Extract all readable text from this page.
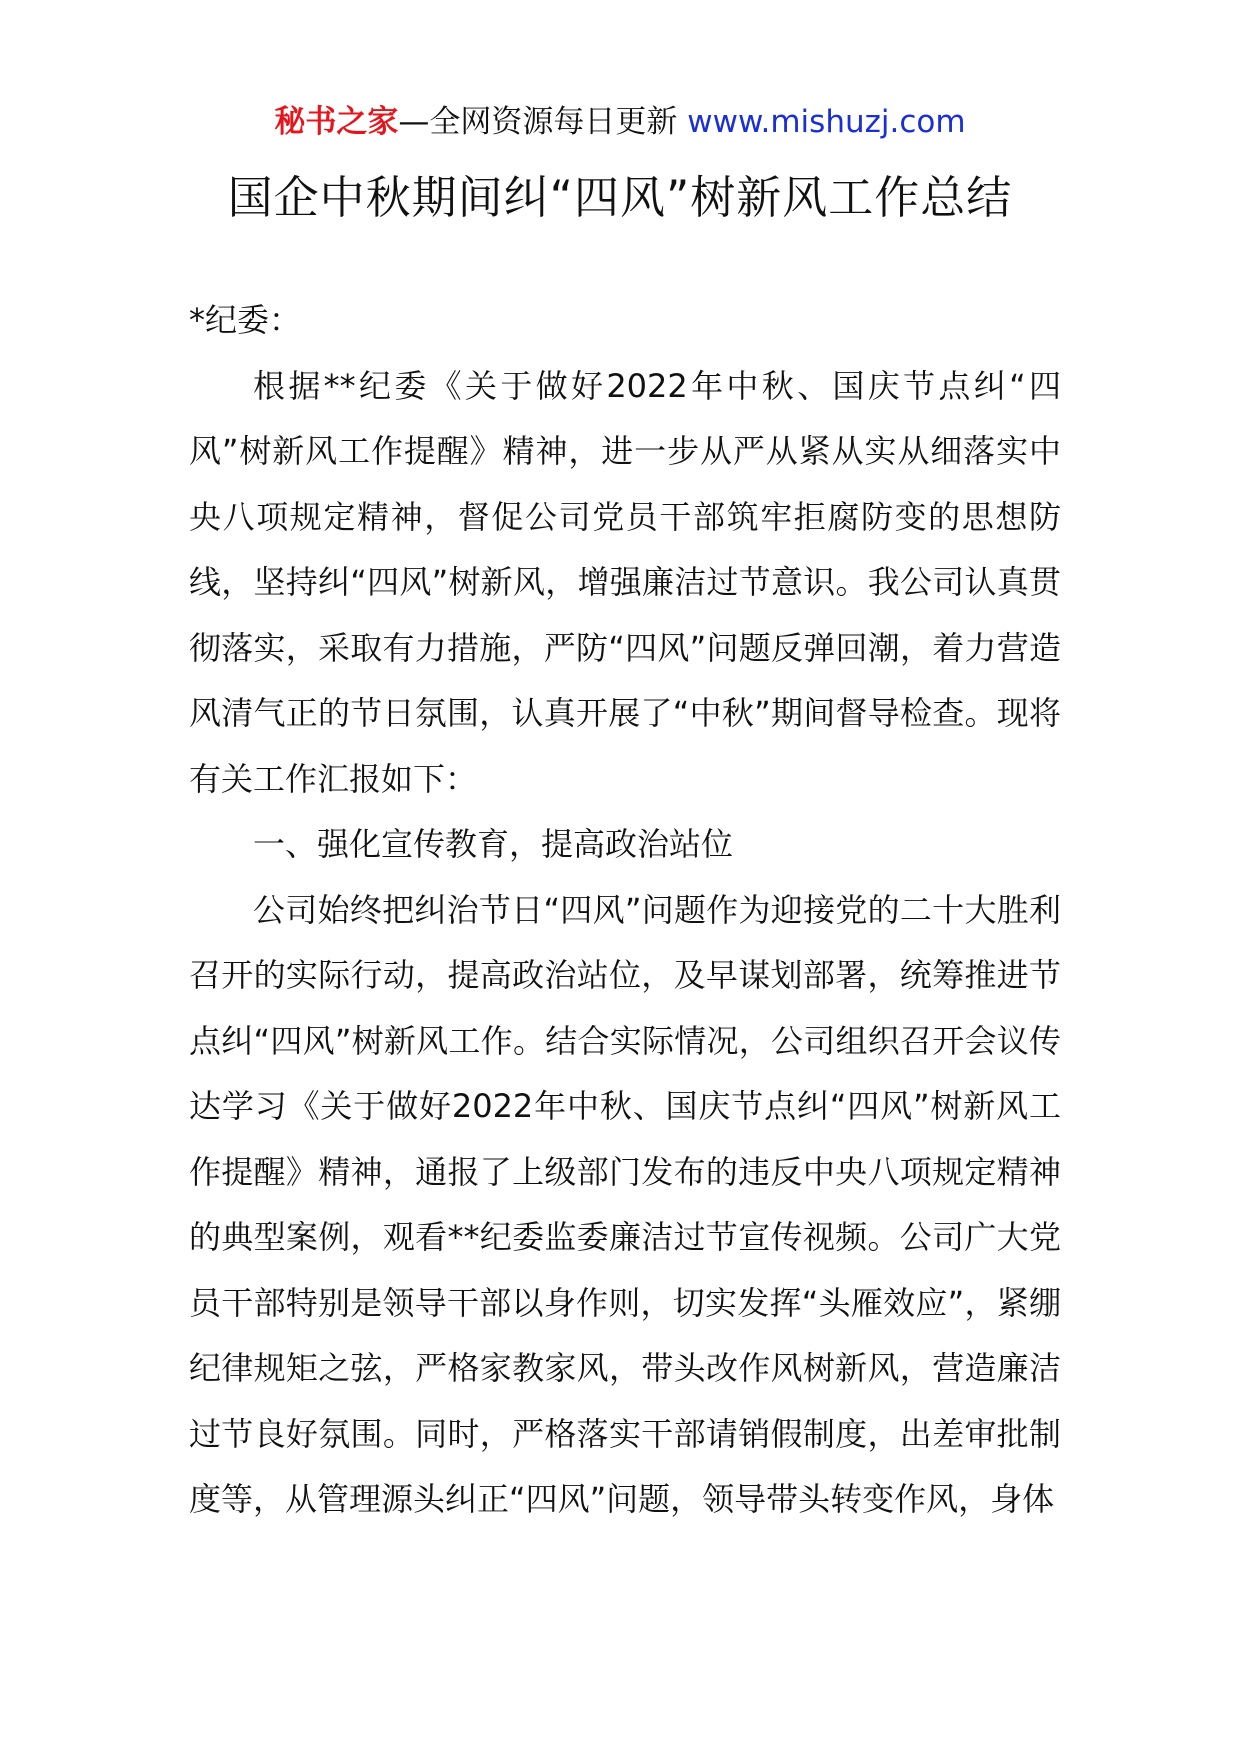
秘书之家—全网资源每日更新 www.mishuzj.com
国企中秋期间纠“四风”树新风工作总结

*纪委：

根据**纪委《关于做好2022年中秋、国庆节点纠“四风”树新风工作提醒》精神，进一步从严从紧从实从细落实中央八项规定精神，督促公司党员干部筑牢拒腐防变的思想防线，坚持纠“四风”树新风，增强廉洁过节意识。我公司认真贯彻落实，采取有力措施，严防“四风”问题反弹回潮，着力营造风清气正的节日氛围，认真开展了“中秋”期间督导检查。现将有关工作汇报如下：

一、强化宣传教育，提高政治站位

公司始终把纠治节日“四风”问题作为迎接党的二十大胜利召开的实际行动，提高政治站位，及早谋划部署，统筹推进节点纠“四风”树新风工作。结合实际情况，公司组织召开会议传达学习《关于做好2022年中秋、国庆节点纠“四风”树新风工作提醒》精神，通报了上级部门发布的违反中央八项规定精神的典型案例，观看**纪委监委廉洁过节宣传视频。公司广大党员干部特别是领导干部以身作则，切实发挥“头雁效应”，紧绷纪律规矩之弦，严格家教家风，带头改作风树新风，营造廉洁过节良好氛围。同时，严格落实干部请销假制度，出差审批制度等，从管理源头纠正“四风”问题，领导带头转变作风，身体
